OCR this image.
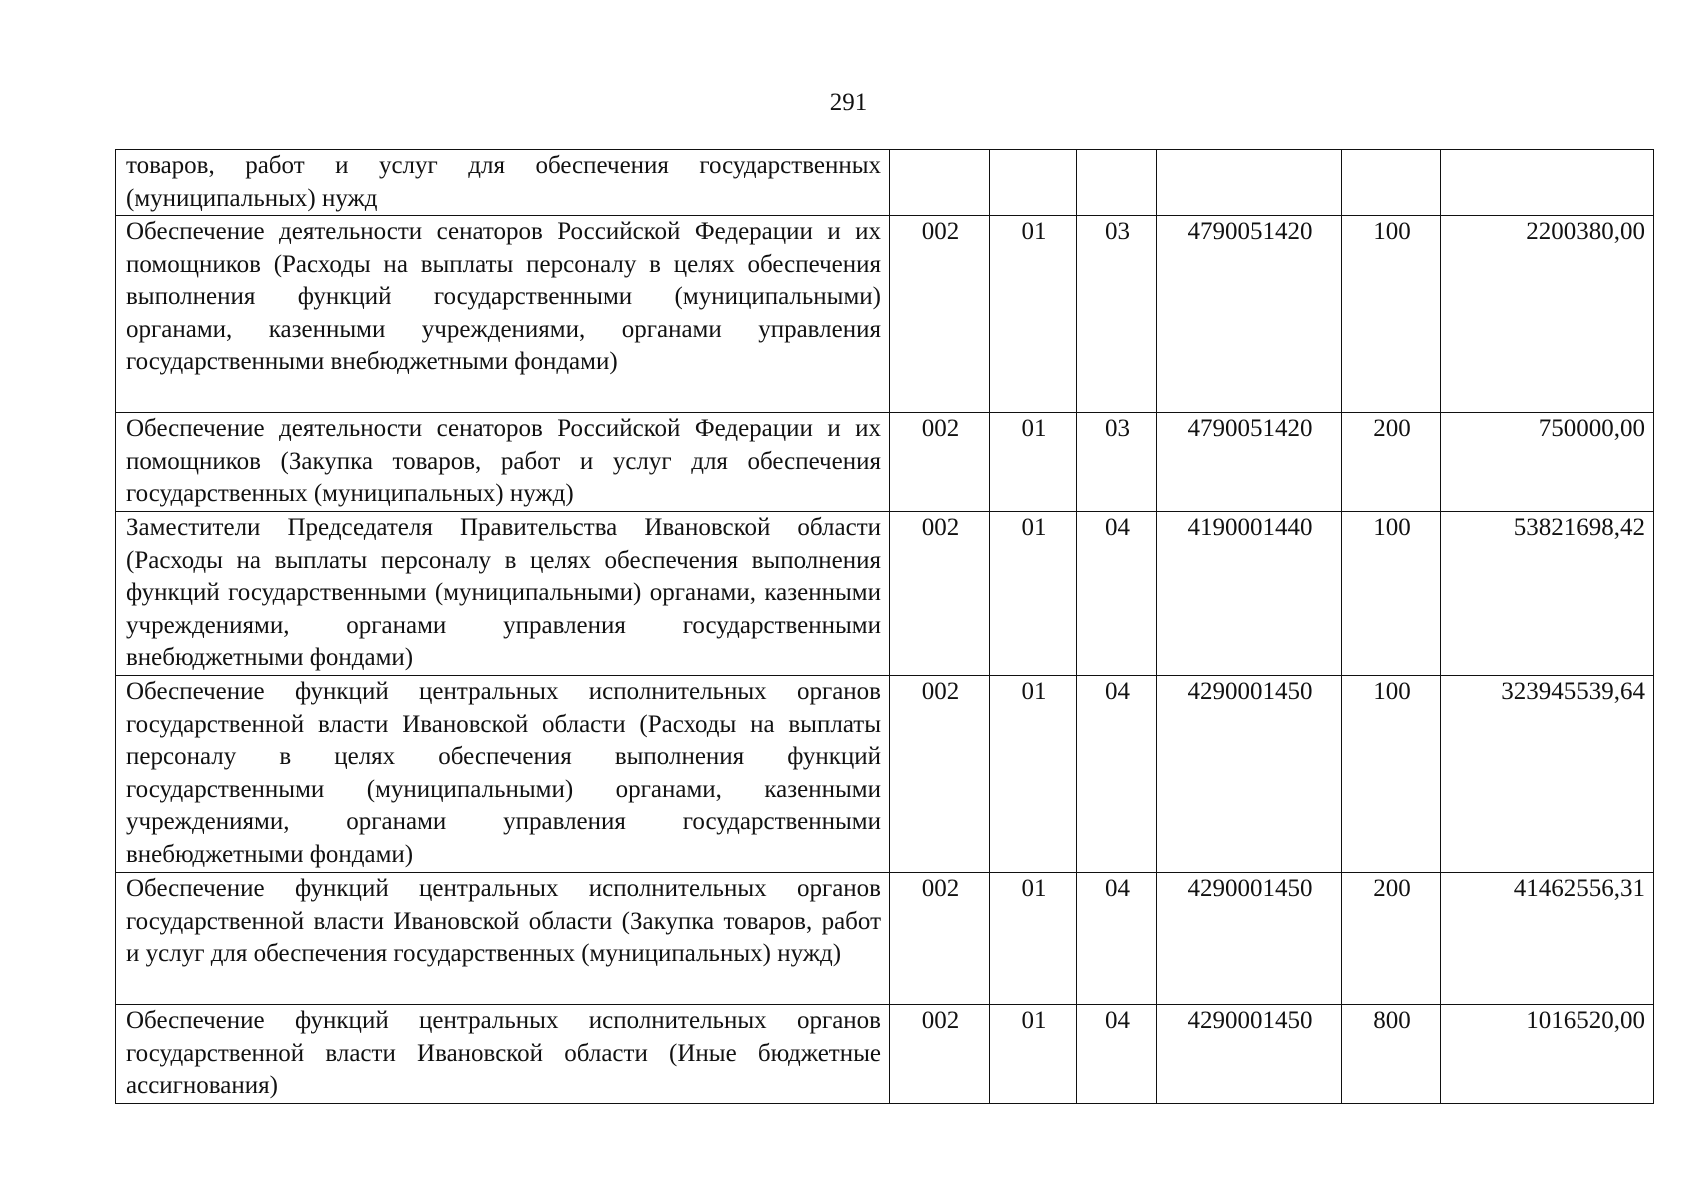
291
товаров, работ и услуг для обеспечения государственных (муниципальных) нужд						
Обеспечение деятельности сенаторов Российской Федерации и их помощников (Расходы на выплаты персоналу в целях обеспечения выполнения функций государственными (муниципальными) органами, казенными учреждениями, органами управления государственными внебюджетными фондами)	002	01	03	4790051420	100	2200380,00
Обеспечение деятельности сенаторов Российской Федерации и их помощников (Закупка товаров, работ и услуг для обеспечения государственных (муниципальных) нужд)	002	01	03	4790051420	200	750000,00
Заместители Председателя Правительства Ивановской области (Расходы на выплаты персоналу в целях обеспечения выполнения функций государственными (муниципальными) органами, казенными учреждениями, органами управления государственными внебюджетными фондами)	002	01	04	4190001440	100	53821698,42
Обеспечение функций центральных исполнительных органов государственной власти Ивановской области (Расходы на выплаты персоналу в целях обеспечения выполнения функций государственными (муниципальными) органами, казенными учреждениями, органами управления государственными внебюджетными фондами)	002	01	04	4290001450	100	323945539,64
Обеспечение функций центральных исполнительных органов государственной власти Ивановской области (Закупка товаров, работ и услуг для обеспечения государственных (муниципальных) нужд)	002	01	04	4290001450	200	41462556,31
Обеспечение функций центральных исполнительных органов государственной власти Ивановской области (Иные бюджетные ассигнования)	002	01	04	4290001450	800	1016520,00
